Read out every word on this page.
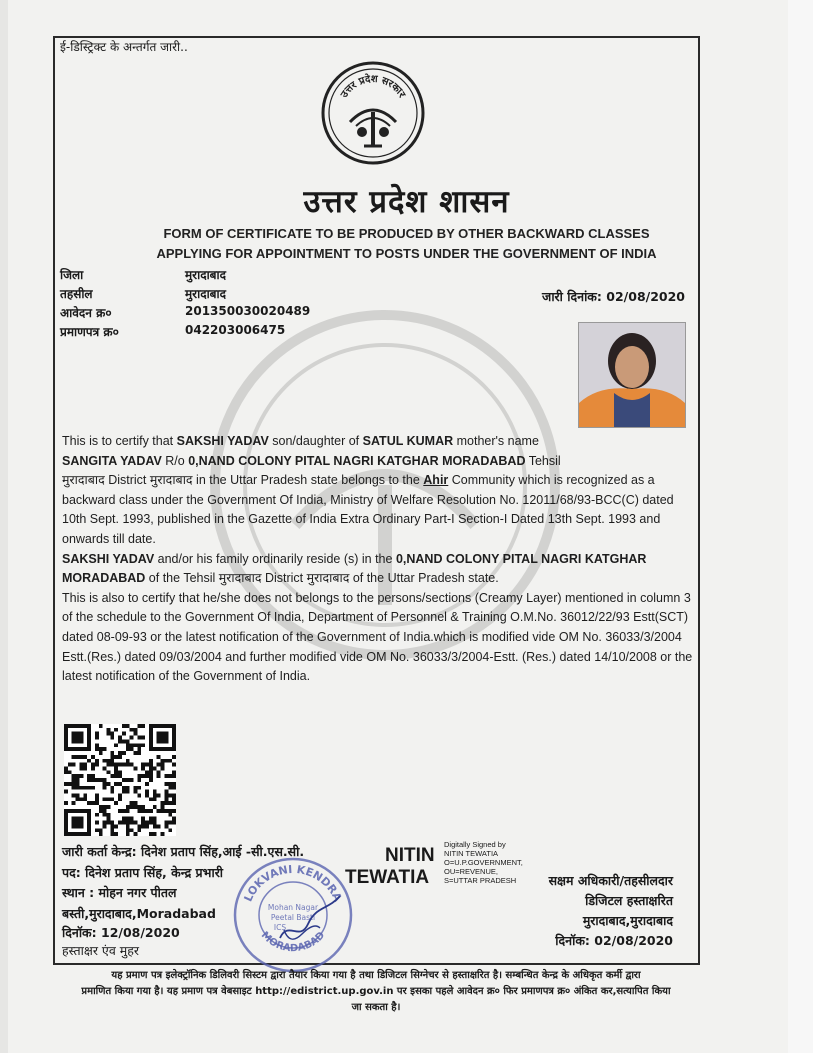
ई-डिस्ट्रिक्ट के अन्तर्गत जारी..
उत्तर प्रदेश सरकार
उत्तर प्रदेश शासन
FORM OF CERTIFICATE TO BE PRODUCED BY OTHER BACKWARD CLASSES
APPLYING FOR APPOINTMENT TO POSTS UNDER THE GOVERNMENT OF INDIA
जिला	मुरादाबाद
तहसील	मुरादाबाद
आवेदन क्र०	201350030020489
प्रमाणपत्र क्र०	042203006475
जारी दिनांक: 02/08/2020

This is to certify that SAKSHI YADAV son/daughter of SATUL KUMAR mother's name
SANGITA YADAV R/o 0,NAND COLONY PITAL NAGRI KATGHAR MORADABAD Tehsil
मुरादाबाद District मुरादाबाद in the Uttar Pradesh state belongs to the Ahir Community which is recognized as a backward class under the Government Of India, Ministry of Welfare Resolution No. 12011/68/93-BCC(C) dated 10th Sept. 1993, published in the Gazette of India Extra Ordinary Part-I Section-I Dated 13th Sept. 1993 and onwards till date.

SAKSHI YADAV and/or his family ordinarily reside (s) in the 0,NAND COLONY PITAL NAGRI KATGHAR MORADABAD of the Tehsil मुरादाबाद District मुरादाबाद of the Uttar Pradesh state.

This is also to certify that he/she does not belongs to the persons/sections (Creamy Layer) mentioned in column 3 of the schedule to the Government Of India, Department of Personnel & Training O.M.No. 36012/22/93 Estt(SCT) dated 08-09-93 or the latest notification of the Government of India.which is modified vide OM No. 36033/3/2004 Estt.(Res.) dated 09/03/2004 and further modified vide OM No. 36033/3/2004-Estt. (Res.) dated 14/10/2008 or the latest notification of the Government of India.

जारी कर्ता केन्द्र: दिनेश प्रताप सिंह,आई -सी.एस.सी.
पद: दिनेश प्रताप सिंह, केन्द्र प्रभारी
स्थान : मोहन नगर पीतल
बस्ती,मुरादाबाद,Moradabad
दिनॉक: 12/08/2020
हस्ताक्षर एंव मुहर
NITIN
TEWATIA
Digitally Signed by
NITIN TEWATIA
O=U.P.GOVERNMENT,
OU=REVENUE,
S=UTTAR PRADESH
LOKVANI KENDRA
MORADABAD
Mohan Nagar
Peetal Basti
ICS
सक्षम अधिकारी/तहसीलदार
डिजिटल हस्ताक्षरित
मुरादाबाद,मुरादाबाद
दिनॉक: 02/08/2020
यह प्रमाण पत्र इलेक्ट्रॉनिक डिलिवरी सिस्टम द्वारा तैयार किया गया है तथा डिजिटल सिग्नेचर से हस्ताक्षरित है। सम्बन्धित केन्द्र के अधिकृत कर्मी द्वारा
प्रमाणित किया गया है। यह प्रमाण पत्र वेबसाइट http://edistrict.up.gov.in पर इसका पहले आवेदन क्र० फिर प्रमाणपत्र क्र० अंकित कर,सत्यापित किया
जा सकता है।
